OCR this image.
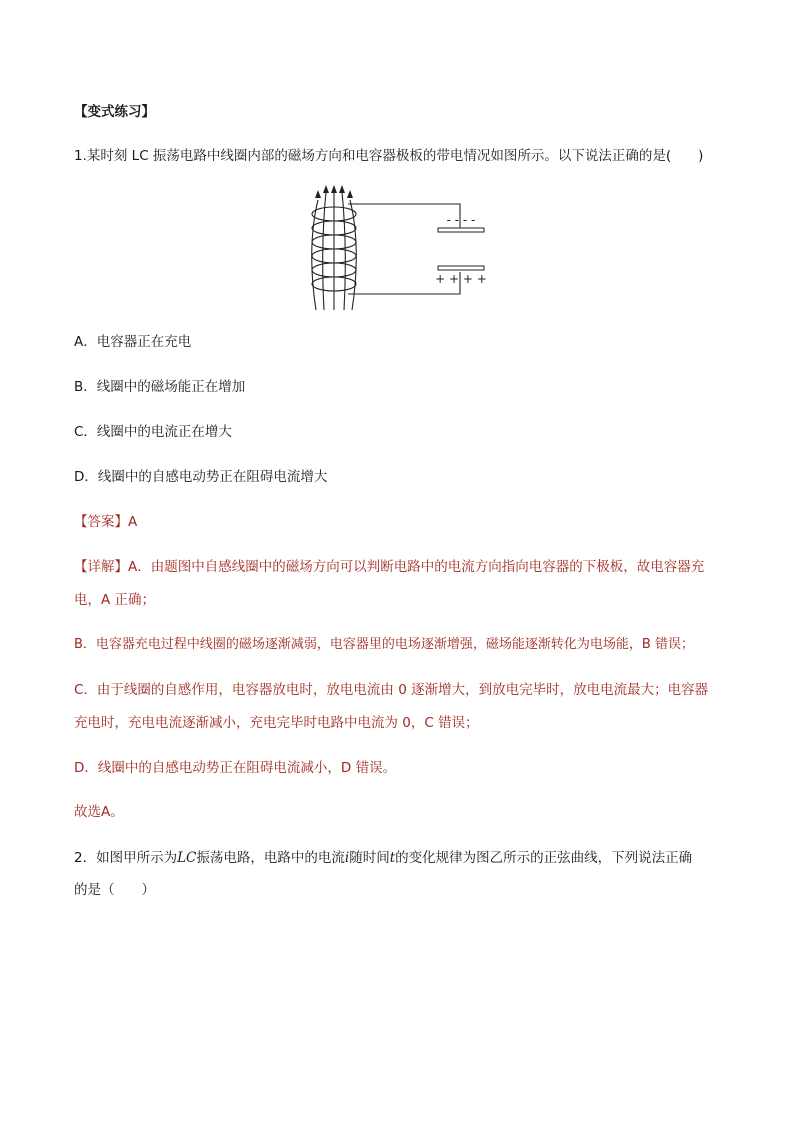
【变式练习】
1.某时刻 LC 振荡电路中线圈内部的磁场方向和电容器极板的带电情况如图所示。以下说法正确的是(　　)
- - - -
+ + + +
A．电容器正在充电
B．线圈中的磁场能正在增加
C．线圈中的电流正在增大
D．线圈中的自感电动势正在阻碍电流增大
【答案】A
【详解】A．由题图中自感线圈中的磁场方向可以判断电路中的电流方向指向电容器的下极板，故电容器充
电，A 正确；
B．电容器充电过程中线圈的磁场逐渐减弱，电容器里的电场逐渐增强，磁场能逐渐转化为电场能，B 错误；
C．由于线圈的自感作用，电容器放电时，放电电流由 0 逐渐增大，到放电完毕时，放电电流最大；电容器
充电时，充电电流逐渐减小，充电完毕时电路中电流为 0，C 错误；
D．线圈中的自感电动势正在阻碍电流减小，D 错误。
故选A。
2．如图甲所示为LC振荡电路，电路中的电流i随时间t的变化规律为图乙所示的正弦曲线，下列说法正确
的是（　　）
